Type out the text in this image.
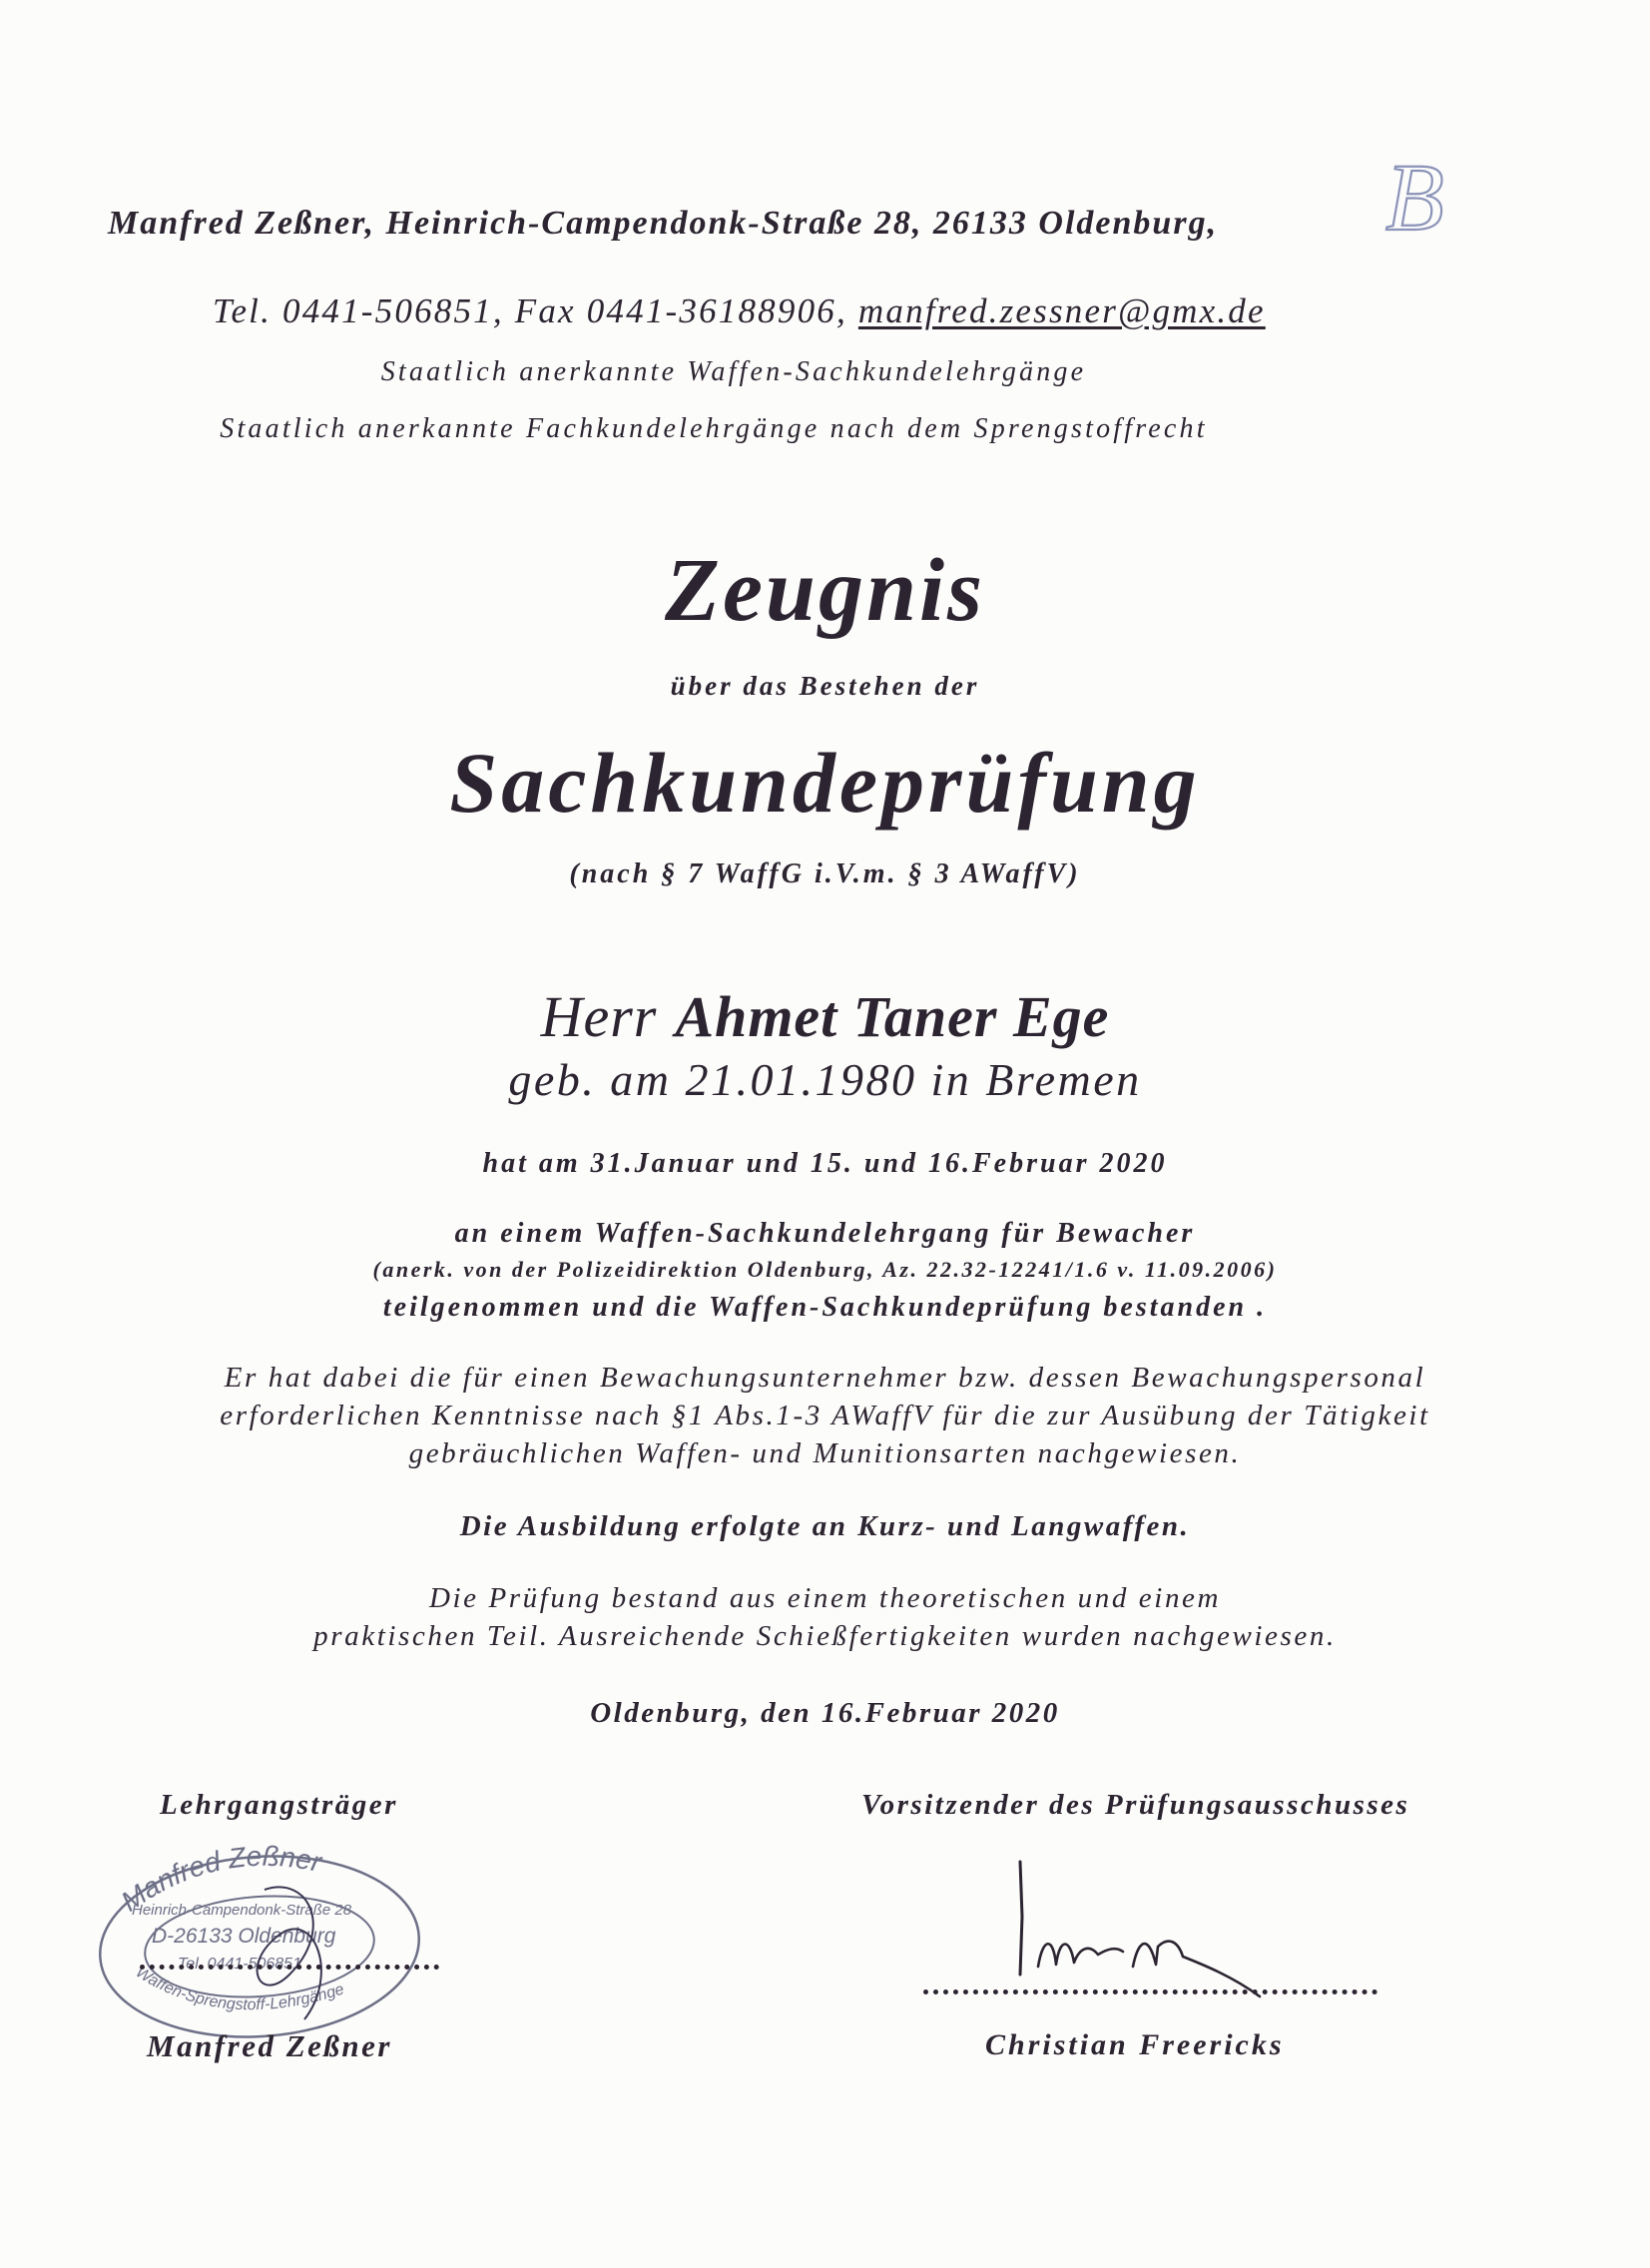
Manfred Zeßner, Heinrich-Campendonk-Straße 28, 26133 Oldenburg, B
Tel. 0441-506851, Fax 0441-36188906, manfred.zessner@gmx.de
Staatlich anerkannte Waffen-Sachkundelehrgänge
Staatlich anerkannte Fachkundelehrgänge nach dem Sprengstoffrecht
Zeugnis
über das Bestehen der
Sachkundeprüfung
(nach § 7 WaffG i.V.m. § 3 AWaffV)
Herr Ahmet Taner Ege
geb. am 21.01.1980 in Bremen
hat am 31.Januar und 15. und 16.Februar 2020
an einem Waffen-Sachkundelehrgang für Bewacher
(anerk. von der Polizeidirektion Oldenburg, Az. 22.32-12241/1.6 v. 11.09.2006)
teilgenommen und die Waffen-Sachkundeprüfung bestanden .
Er hat dabei die für einen Bewachungsunternehmer bzw. dessen Bewachungspersonal
erforderlichen Kenntnisse nach §1 Abs.1-3 AWaffV für die zur Ausübung der Tätigkeit
gebräuchlichen Waffen- und Munitionsarten nachgewiesen.
Die Ausbildung erfolgte an Kurz- und Langwaffen.
Die Prüfung bestand aus einem theoretischen und einem
praktischen Teil. Ausreichende Schießfertigkeiten wurden nachgewiesen.
Oldenburg, den 16.Februar 2020
Lehrgangsträger	Vorsitzender des Prüfungsausschusses
Manfred Zeßner
Heinrich-Campendonk-Straße 28
D-26133 Oldenburg
Tel. 0441-506851
Waffen-Sprengstoff-Lehrgänge
Manfred Zeßner	Christian Freericks
